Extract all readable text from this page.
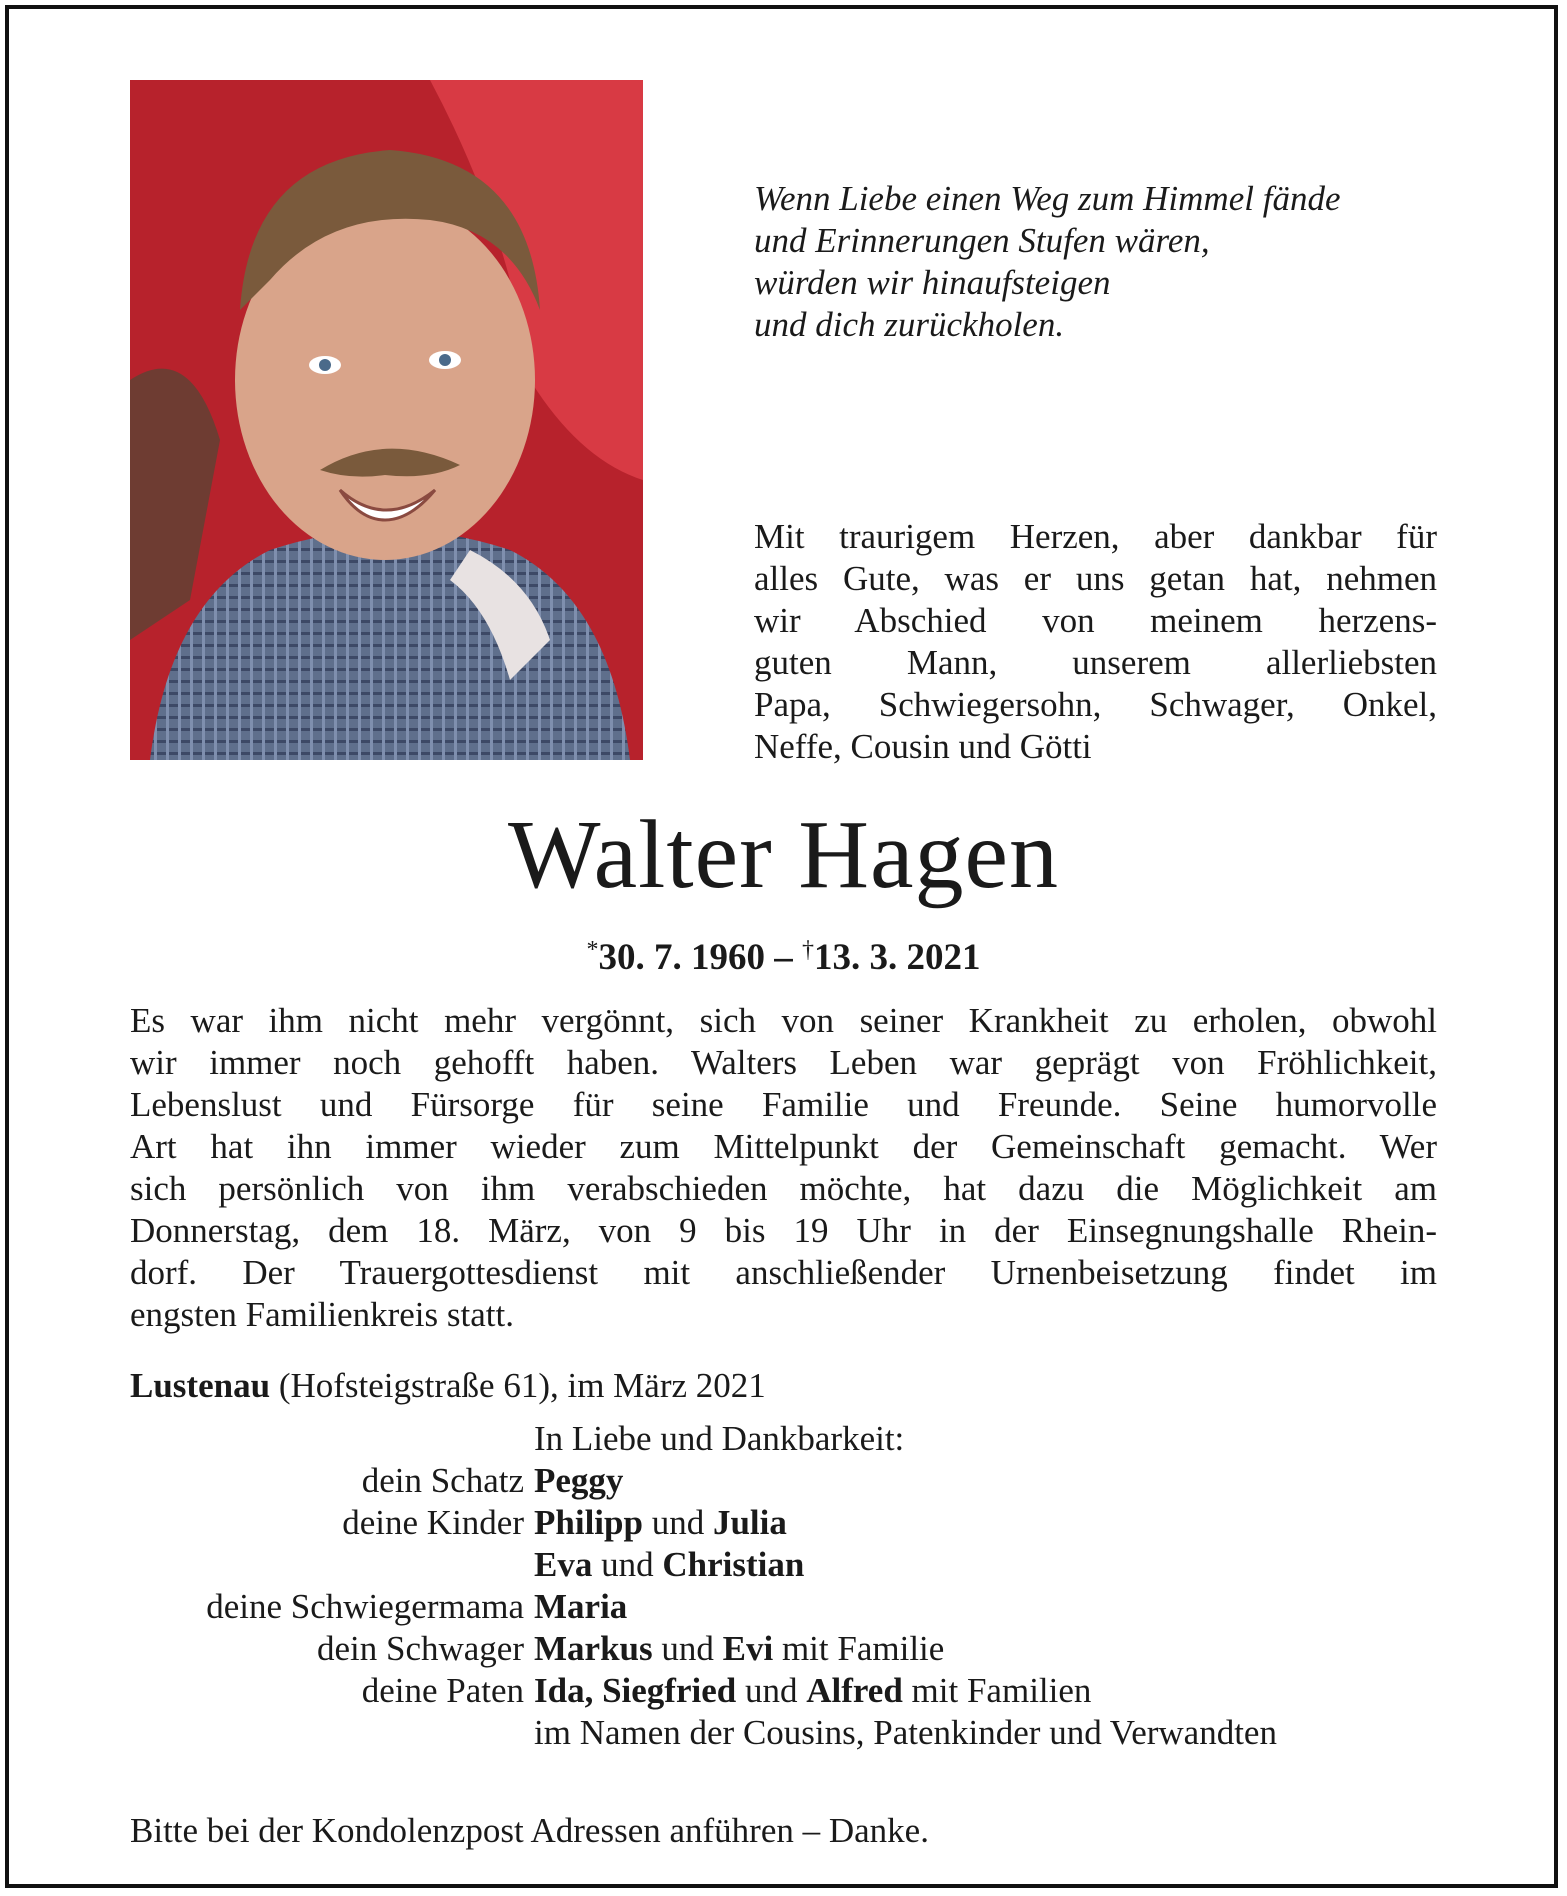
Wenn Liebe einen Weg zum Himmel fände
und Erinnerungen Stufen wären,
würden wir hinaufsteigen
und dich zurückholen.
Mit traurigem Herzen, aber dankbar für
alles Gute, was er uns getan hat, nehmen
wir Abschied von meinem herzens-
guten Mann, unserem allerliebsten
Papa, Schwiegersohn, Schwager, Onkel,
Neffe, Cousin und Götti
Walter Hagen
*30. 7. 1960 – †13. 3. 2021
Es war ihm nicht mehr vergönnt, sich von seiner Krankheit zu erholen, obwohl
wir immer noch gehofft haben. Walters Leben war geprägt von Fröhlichkeit,
Lebenslust und Fürsorge für seine Familie und Freunde. Seine humorvolle
Art hat ihn immer wieder zum Mittelpunkt der Gemeinschaft gemacht. Wer
sich persönlich von ihm verabschieden möchte, hat dazu die Möglichkeit am
Donnerstag, dem 18. März, von 9 bis 19 Uhr in der Einsegnungshalle Rhein-
dorf. Der Trauergottesdienst mit anschließender Urnenbeisetzung findet im
engsten Familienkreis statt.
Lustenau (Hofsteigstraße 61), im März 2021
In Liebe und Dankbarkeit:
dein Schatz Peggy
deine Kinder Philipp und Julia
Eva und Christian
deine Schwiegermama Maria
dein Schwager Markus und Evi mit Familie
deine Paten Ida, Siegfried und Alfred mit Familien
im Namen der Cousins, Patenkinder und Verwandten
Bitte bei der Kondolenzpost Adressen anführen – Danke.
